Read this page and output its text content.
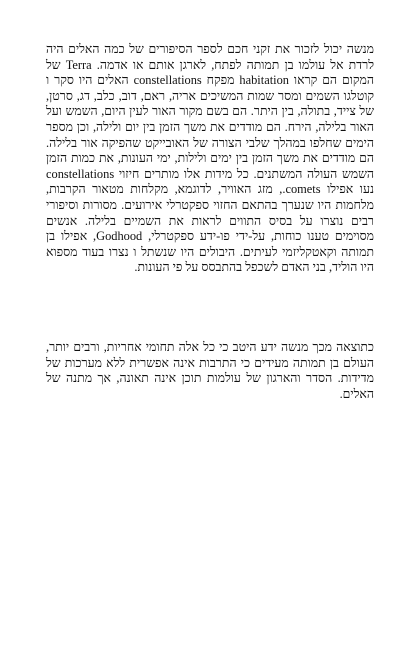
מנשה יכול לזכור את זקני חכם לספר הסיפורים של כמה האלים היה לרדת אל עולמו בן תמותה לפתח, לארגן אותם או אדמה. Terra של המקום הם קראו habitation מפקח constellations האלים היו סקר ו קוטלגו השמים ומסר שמות המשיכים אריה, ראם, דוב, כלב, דג, סרטן, של צייד, בתולה, בין היתר. הם בשם מקור האור לעין היום, השמש ועל האור בלילה, הירח. הם מודדים את משך הזמן בין יום ולילה, וכן מספר הימים שחלפו במהלך שלבי הצורה של האובייקט שהפיקה אור בלילה. הם מודדים את משך הזמן בין ימים ולילות, ימי העונות, את כמות הזמן השמש העולה המשתנים. כל מידות אלו מותרים חיזוי constellations נעו אפילו comets., מזג האוויר, לדוגמא, מקלחות מטאור הקרבות, מלחמות היו שנערך בהתאם החזוי ספקטרלי אירועים. מסורות וסיפורי רבים נוצרו על בסיס התווים לראות את השמיים בלילה. אנשים מסוימים טענו כוחות, על-ידי פו-ידע ספקטרלי, Godhood, אפילו בן תמותה וקאטקליזמי לעיתים. היבולים היו שנשתל ו נצרו בעוד מספוא היו הוליד, בני האדם לשכפל בהתבסס על פי העונות.

כתוצאה מכך מנשה ידע היטב כי כל אלה תחומי אחריות, ורבים יותר, העולם בן תמותה מעידים כי התרבות אינה אפשרית ללא מערכות של מדידות. הסדר והארגון של עולמות תוכן אינה תאונה, אך מתנה של האלים.
